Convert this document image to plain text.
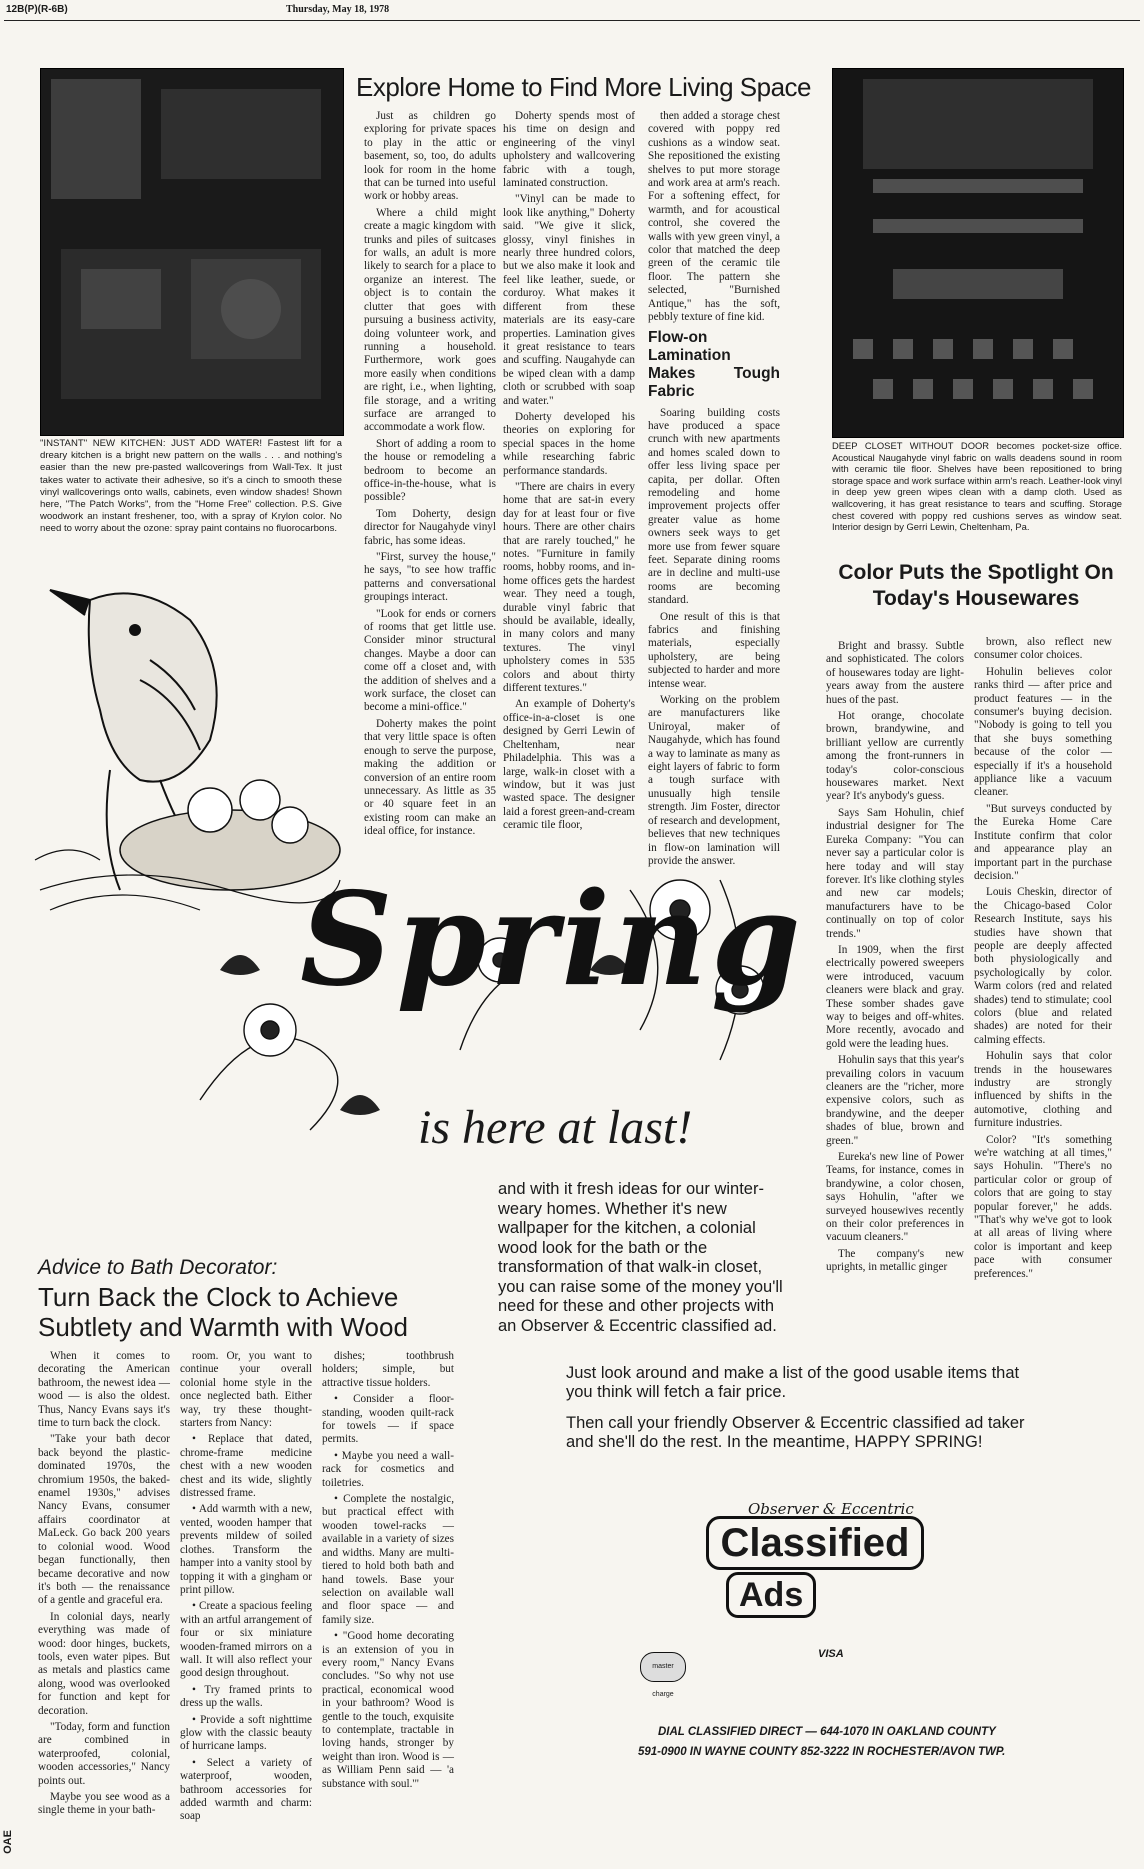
12B(P)(R-6B)	Thursday, May 18, 1978
"INSTANT" NEW KITCHEN: JUST ADD WATER! Fastest lift for a dreary kitchen is a bright new pattern on the walls . . . and nothing's easier than the new pre-pasted wallcoverings from Wall-Tex. It just takes water to activate their adhesive, so it's a cinch to smooth these vinyl wallcoverings onto walls, cabinets, even window shades! Shown here, "The Patch Works", from the "Home Free" collection. P.S. Give woodwork an instant freshener, too, with a spray of Krylon color. No need to worry about the ozone: spray paint contains no fluorocarbons.
Explore Home to Find More Living Space

Just as children go exploring for private spaces to play in the attic or basement, so, too, do adults look for room in the home that can be turned into useful work or hobby areas.

Where a child might create a magic kingdom with trunks and piles of suitcases for walls, an adult is more likely to search for a place to organize an interest. The object is to contain the clutter that goes with pursuing a business activity, doing volunteer work, and running a household. Furthermore, work goes more easily when conditions are right, i.e., when lighting, file storage, and a writing surface are arranged to accommodate a work flow.

Short of adding a room to the house or remodeling a bedroom to become an office-in-the-house, what is possible?

Tom Doherty, design director for Naugahyde vinyl fabric, has some ideas.

"First, survey the house," he says, "to see how traffic patterns and conversational groupings interact.

"Look for ends or corners of rooms that get little use. Consider minor structural changes. Maybe a door can come off a closet and, with the addition of shelves and a work surface, the closet can become a mini-office."

Doherty makes the point that very little space is often enough to serve the purpose, making the addition or conversion of an entire room unnecessary. As little as 35 or 40 square feet in an existing room can make an ideal office, for instance.

Doherty spends most of his time on design and engineering of the vinyl upholstery and wallcovering fabric with a tough, laminated construction.

"Vinyl can be made to look like anything," Doherty said. "We give it slick, glossy, vinyl finishes in nearly three hundred colors, but we also make it look and feel like leather, suede, or corduroy. What makes it different from these materials are its easy-care properties. Lamination gives it great resistance to tears and scuffing. Naugahyde can be wiped clean with a damp cloth or scrubbed with soap and water."

Doherty developed his theories on exploring for special spaces in the home while researching fabric performance standards.

"There are chairs in every home that are sat-in every day for at least four or five hours. There are other chairs that are rarely touched," he notes. "Furniture in family rooms, hobby rooms, and in-home offices gets the hardest wear. They need a tough, durable vinyl fabric that should be available, ideally, in many colors and many textures. The vinyl upholstery comes in 535 colors and about thirty different textures."

An example of Doherty's office-in-a-closet is one designed by Gerri Lewin of Cheltenham, near Philadelphia. This was a large, walk-in closet with a window, but it was just wasted space. The designer laid a forest green-and-cream ceramic tile floor,

then added a storage chest covered with poppy red cushions as a window seat. She repositioned the existing shelves to put more storage and work area at arm's reach. For a softening effect, for warmth, and for acoustical control, she covered the walls with yew green vinyl, a color that matched the deep green of the ceramic tile floor. The pattern she selected, "Burnished Antique," has the soft, pebbly texture of fine kid.

Flow-on Lamination Makes Tough Fabric

Soaring building costs have produced a space crunch with new apartments and homes scaled down to offer less living space per capita, per dollar. Often remodeling and home improvement projects offer greater value as home owners seek ways to get more use from fewer square feet. Separate dining rooms are in decline and multi-use rooms are becoming standard.

One result of this is that fabrics and finishing materials, especially upholstery, are being subjected to harder and more intense wear.

Working on the problem are manufacturers like Uniroyal, maker of Naugahyde, which has found a way to laminate as many as eight layers of fabric to form a tough surface with unusually high tensile strength. Jim Foster, director of research and development, believes that new techniques in flow-on lamination will provide the answer.

DEEP CLOSET WITHOUT DOOR becomes pocket-size office. Acoustical Naugahyde vinyl fabric on walls deadens sound in room with ceramic tile floor. Shelves have been repositioned to bring storage space and work surface within arm's reach. Leather-look vinyl in deep yew green wipes clean with a damp cloth. Used as wallcovering, it has great resistance to tears and scuffing. Storage chest covered with poppy red cushions serves as window seat. Interior design by Gerri Lewin, Cheltenham, Pa.
Color Puts the Spotlight On Today's Housewares

Bright and brassy. Subtle and sophisticated. The colors of housewares today are light-years away from the austere hues of the past.

Hot orange, chocolate brown, brandywine, and brilliant yellow are currently among the front-runners in today's color-conscious housewares market. Next year? It's anybody's guess.

Says Sam Hohulin, chief industrial designer for The Eureka Company: "You can never say a particular color is here today and will stay forever. It's like clothing styles and new car models; manufacturers have to be continually on top of color trends."

In 1909, when the first electrically powered sweepers were introduced, vacuum cleaners were black and gray. These somber shades gave way to beiges and off-whites. More recently, avocado and gold were the leading hues.

Hohulin says that this year's prevailing colors in vacuum cleaners are the "richer, more expensive colors, such as brandywine, and the deeper shades of blue, brown and green."

Eureka's new line of Power Teams, for instance, comes in brandywine, a color chosen, says Hohulin, "after we surveyed housewives recently on their color preferences in vacuum cleaners."

The company's new uprights, in metallic ginger

brown, also reflect new consumer color choices.

Hohulin believes color ranks third — after price and product features — in the consumer's buying decision. "Nobody is going to tell you that she buys something because of the color — especially if it's a household appliance like a vacuum cleaner.

"But surveys conducted by the Eureka Home Care Institute confirm that color and appearance play an important part in the purchase decision."

Louis Cheskin, director of the Chicago-based Color Research Institute, says his studies have shown that people are deeply affected both physiologically and psychologically by color. Warm colors (red and related shades) tend to stimulate; cool colors (blue and related shades) are noted for their calming effects.

Hohulin says that color trends in the housewares industry are strongly influenced by shifts in the automotive, clothing and furniture industries.

Color? "It's something we're watching at all times," says Hohulin. "There's no particular color or group of colors that are going to stay popular forever," he adds. "That's why we've got to look at all areas of living where color is important and keep pace with consumer preferences."

Spring
is here at last!
and with it fresh ideas for our winter-weary homes. Whether it's new wallpaper for the kitchen, a colonial wood look for the bath or the transformation of that walk-in closet, you can raise some of the money you'll need for these and other projects with an Observer & Eccentric classified ad.
Advice to Bath Decorator:
Turn Back the Clock to Achieve Subtlety and Warmth with Wood

When it comes to decorating the American bathroom, the newest idea — wood — is also the oldest. Thus, Nancy Evans says it's time to turn back the clock.

"Take your bath decor back beyond the plastic-dominated 1970s, the chromium 1950s, the baked-enamel 1930s," advises Nancy Evans, consumer affairs coordinator at MaLeck. Go back 200 years to colonial wood. Wood began functionally, then became decorative and now it's both — the renaissance of a gentle and graceful era.

In colonial days, nearly everything was made of wood: door hinges, buckets, tools, even water pipes. But as metals and plastics came along, wood was overlooked for function and kept for decoration.

"Today, form and function are combined in waterproofed, colonial, wooden accessories," Nancy points out.

Maybe you see wood as a single theme in your bath-

room. Or, you want to continue your overall colonial home style in the once neglected bath. Either way, try these thought-starters from Nancy:

• Replace that dated, chrome-frame medicine chest with a new wooden chest and its wide, slightly distressed frame.

• Add warmth with a new, vented, wooden hamper that prevents mildew of soiled clothes. Transform the hamper into a vanity stool by topping it with a gingham or print pillow.

• Create a spacious feeling with an artful arrangement of four or six miniature wooden-framed mirrors on a wall. It will also reflect your good design throughout.

• Try framed prints to dress up the walls.

• Provide a soft nighttime glow with the classic beauty of hurricane lamps.

• Select a variety of waterproof, wooden, bathroom accessories for added warmth and charm: soap

dishes; toothbrush holders; simple, but attractive tissue holders.

• Consider a floor-standing, wooden quilt-rack for towels — if space permits.

• Maybe you need a wall-rack for cosmetics and toiletries.

• Complete the nostalgic, but practical effect with wooden towel-racks — available in a variety of sizes and widths. Many are multi-tiered to hold both bath and hand towels. Base your selection on available wall and floor space — and family size.

• "Good home decorating is an extension of you in every room," Nancy Evans concludes. "So why not use practical, economical wood in your bathroom? Wood is gentle to the touch, exquisite to contemplate, tractable in loving hands, stronger by weight than iron. Wood is — as William Penn said — 'a substance with soul.'"

Just look around and make a list of the good usable items that you think will fetch a fair price.
Then call your friendly Observer & Eccentric classified ad taker and she'll do the rest. In the meantime, HAPPY SPRING!
Observer & Eccentric
Classified
Ads
master charge
VISA
DIAL CLASSIFIED DIRECT — 644-1070 IN OAKLAND COUNTY
591-0900 IN WAYNE COUNTY 852-3222 IN ROCHESTER/AVON TWP.
OAE
